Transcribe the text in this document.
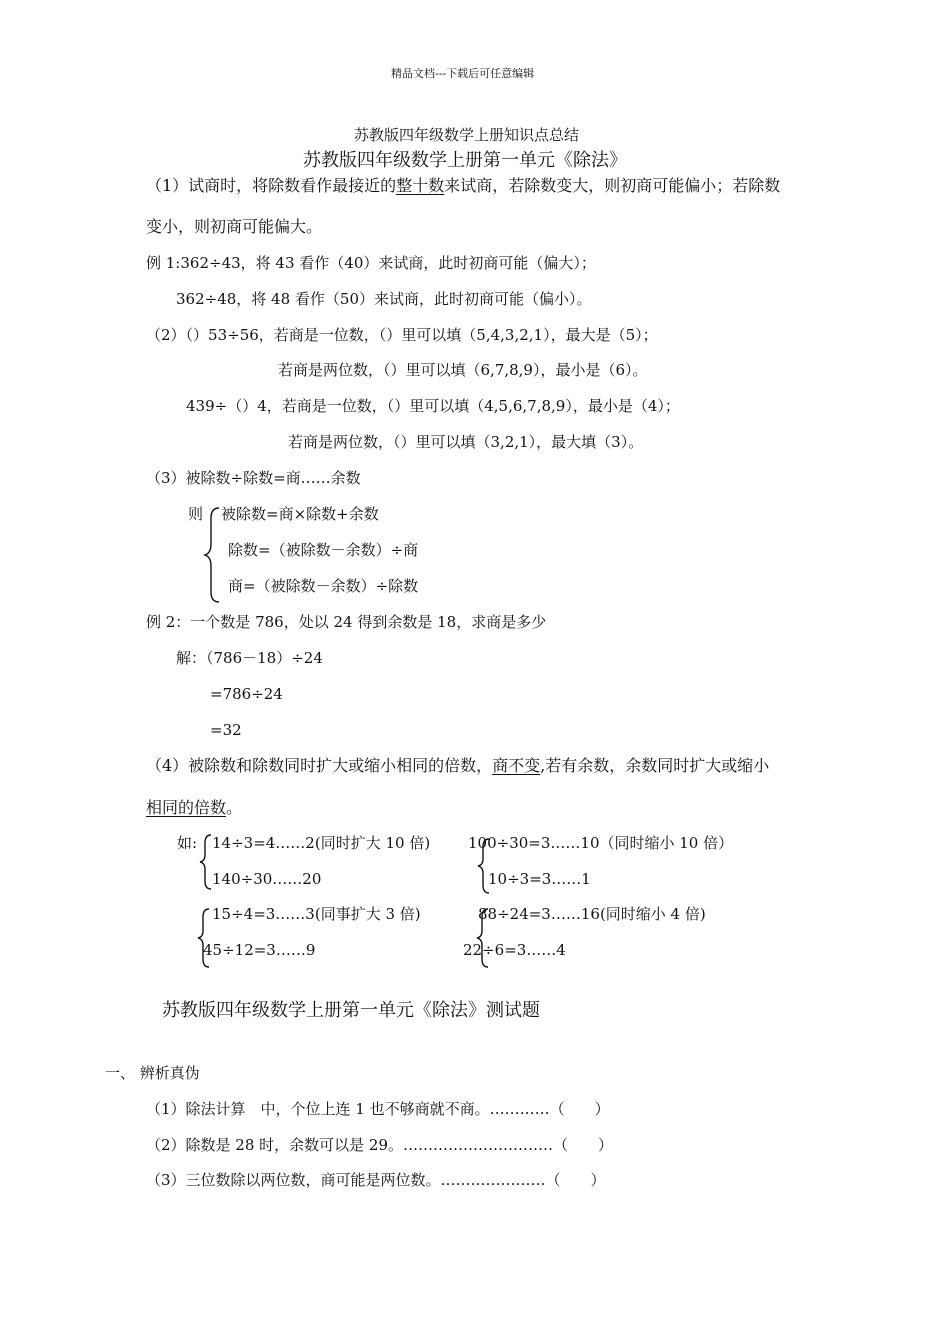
精品文档---下载后可任意编辑
苏教版四年级数学上册知识点总结
苏教版四年级数学上册第一单元《除法》
（1）试商时，将除数看作最接近的整十数来试商，若除数变大，则初商可能偏小；若除数
变小，则初商可能偏大。
例 1:362÷43，将 43 看作（40）来试商，此时初商可能（偏大）；
362÷48，将 48 看作（50）来试商，此时初商可能（偏小）。
（2）（）53÷56，若商是一位数，（）里可以填（5,4,3,2,1），最大是（5）；
若商是两位数，（）里可以填（6,7,8,9），最小是（6）。
439÷（）4，若商是一位数，（）里可以填（4,5,6,7,8,9），最小是（4）；
若商是两位数，（）里可以填（3,2,1），最大填（3）。
（3）被除数÷除数=商……余数
则 被除数=商×除数+余数
除数=（被除数－余数）÷商
商=（被除数－余数）÷除数
例 2：一个数是 786，处以 24 得到余数是 18，求商是多少
解：（786－18）÷24
=786÷24
=32
（4）被除数和除数同时扩大或缩小相同的倍数，商不变,若有余数，余数同时扩大或缩小
相同的倍数。
如: 14÷3=4……2(同时扩大 10 倍)
140÷30……20
100÷30=3……10（同时缩小 10 倍）
10÷3=3……1
15÷4=3……3(同事扩大 3 倍)
45÷12=3……9
88÷24=3……16(同时缩小 4 倍)
22÷6=3……4
苏教版四年级数学上册第一单元《除法》测试题
一、 辨析真伪
（1）除法计算　中，个位上连 1 也不够商就不商。…………（　　）
（2）除数是 28 时，余数可以是 29。…………………………（　　）
（3）三位数除以两位数，商可能是两位数。…………………（　　）
